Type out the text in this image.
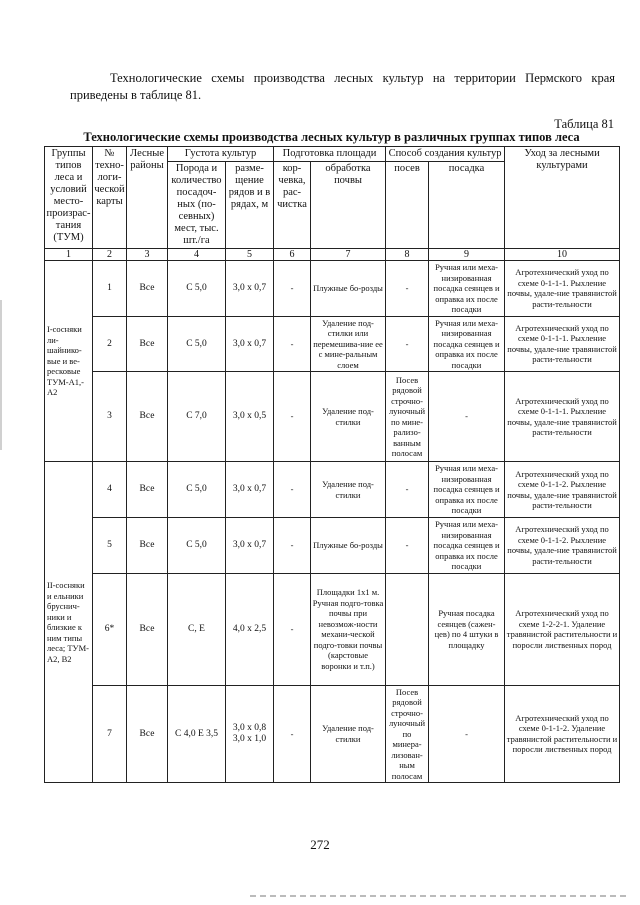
Технологические схемы производства лесных культур на территории Пермского края приведены в таблице 81.

Таблица 81
Технологические схемы производства лесных культур в различных группах типов леса
Группы типов леса и условий место-произрас-тания (ТУМ)	№ техно-логи-ческой карты	Лесные районы	Густота культур		Подготовка площади		Способ создания культур		Уход за лесными культурами
			Порода и количество посадоч-ных (по-севных) мест, тыс. шт./га	разме-щение рядов и в рядах, м	кор-чевка, рас-чистка	обработка почвы	посев	посадка	
1	2	3	4	5	6	7	8	9	10
I-сосняки ли-шайнико-вые и ве-ресковые ТУМ-А1,-А2	1	Все	С 5,0	3,0 x 0,7	-	Плужные бо-розды	-	Ручная или меха-низированная посадка сеянцев и оправка их после посадки	Агротехнический уход по схеме 0-1-1-1. Рыхление почвы, удале-ние травянистой расти-тельности
	2	Все	С 5,0	3,0 x 0,7	-	Удаление под-стилки или перемешива-ние ее с мине-ральным слоем	-	Ручная или меха-низированная посадка сеянцев и оправка их после посадки	Агротехнический уход по схеме 0-1-1-1. Рыхление почвы, удале-ние травянистой расти-тельности
	3	Все	С 7,0	3,0 x 0,5	-	Удаление под-стилки	Посев рядовой строчно-луночный по мине-рализо-ванным полосам	-	Агротехнический уход по схеме 0-1-1-1. Рыхление почвы, удале-ние травянистой расти-тельности
II-сосняки и ельники бруснич-ники и близкие к ним типы леса; ТУМ-А2, В2	4	Все	С 5,0	3,0 x 0,7	-	Удаление под-стилки	-	Ручная или меха-низированная посадка сеянцев и оправка их после посадки	Агротехнический уход по схеме 0-1-1-2. Рыхление почвы, удале-ние травянистой расти-тельности
	5	Все	С 5,0	3,0 x 0,7	-	Плужные бо-розды	-	Ручная или меха-низированная посадка сеянцев и оправка их после посадки	Агротехнический уход по схеме 0-1-1-2. Рыхление почвы, удале-ние травянистой расти-тельности
	6*	Все	С, Е	4,0 x 2,5	-	Площадки 1х1 м. Ручная подго-товка почвы при невозмож-ности механи-ческой подго-товки почвы (карстовые воронки и т.п.)		Ручная посадка сеянцев (сажен-цев) по 4 штуки в площадку	Агротехнический уход по схеме 1-2-2-1. Удаление травянистой растительности и поросли лиственных пород
	7	Все	С 4,0 Е 3,5	3,0 x 0,8 3,0 x 1,0	-	Удаление под-стилки	Посев рядовой строчно-луночный по минера-лизован-ным полосам	-	Агротехнический уход по схеме 0-1-1-2. Удаление травянистой растительности и поросли лиственных пород
272
